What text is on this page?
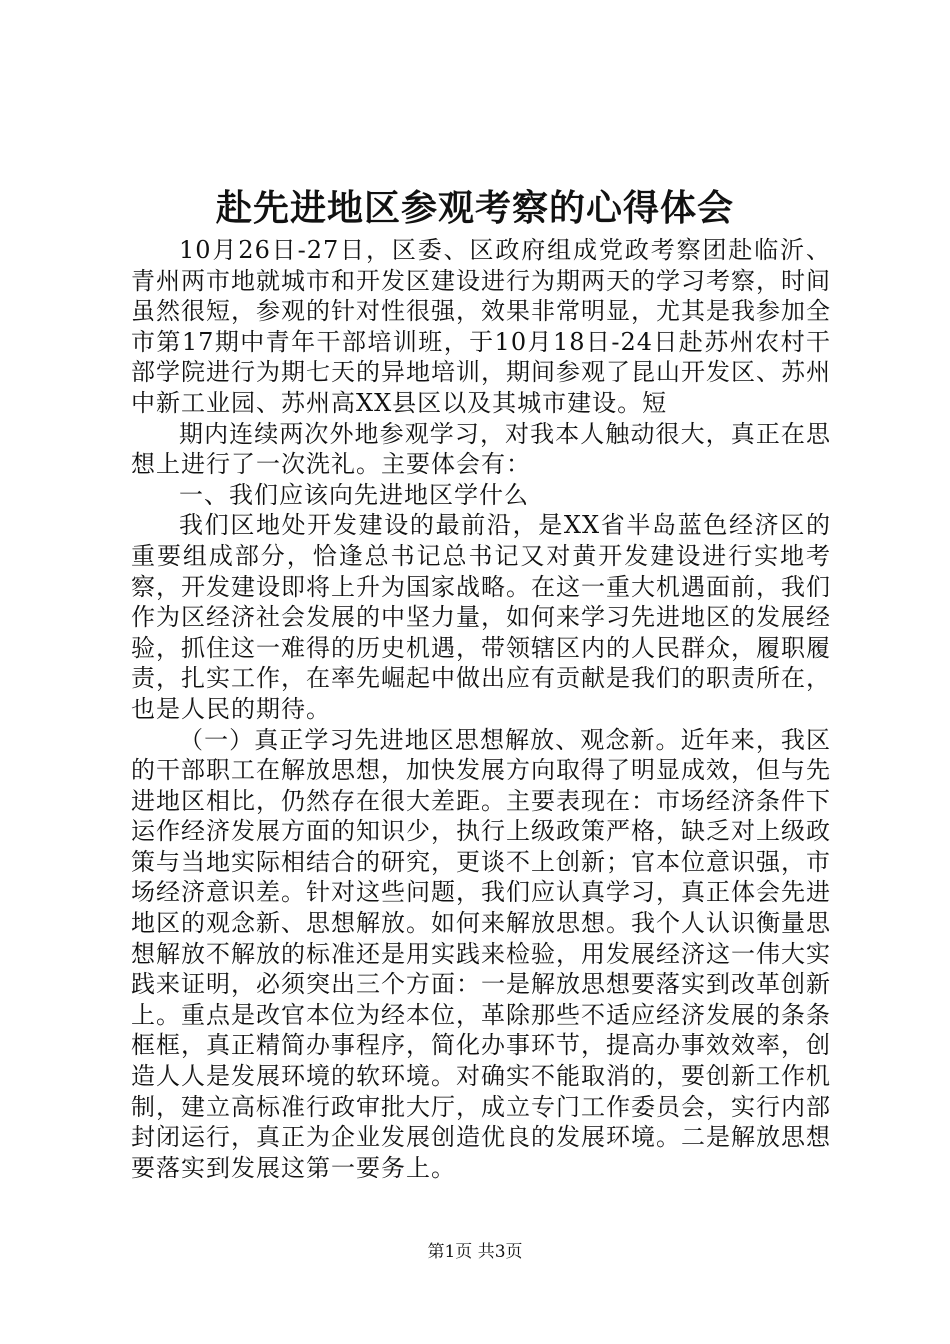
赴先进地区参观考察的心得体会

10月26日-27日，区委、区政府组成党政考察团赴临沂、青州两市地就城市和开发区建设进行为期两天的学习考察，时间虽然很短，参观的针对性很强，效果非常明显，尤其是我参加全市第17期中青年干部培训班，于10月18日-24日赴苏州农村干部学院进行为期七天的异地培训，期间参观了昆山开发区、苏州中新工业园、苏州高XX县区以及其城市建设。短

期内连续两次外地参观学习，对我本人触动很大，真正在思想上进行了一次洗礼。主要体会有：

一、我们应该向先进地区学什么

我们区地处开发建设的最前沿，是XX省半岛蓝色经济区的重要组成部分，恰逢总书记总书记又对黄开发建设进行实地考察，开发建设即将上升为国家战略。在这一重大机遇面前，我们作为区经济社会发展的中坚力量，如何来学习先进地区的发展经验，抓住这一难得的历史机遇，带领辖区内的人民群众，履职履责，扎实工作，在率先崛起中做出应有贡献是我们的职责所在，也是人民的期待。

（一）真正学习先进地区思想解放、观念新。近年来，我区的干部职工在解放思想，加快发展方向取得了明显成效，但与先进地区相比，仍然存在很大差距。主要表现在：市场经济条件下运作经济发展方面的知识少，执行上级政策严格，缺乏对上级政策与当地实际相结合的研究，更谈不上创新；官本位意识强，市场经济意识差。针对这些问题，我们应认真学习，真正体会先进地区的观念新、思想解放。如何来解放思想。我个人认识衡量思想解放不解放的标准还是用实践来检验，用发展经济这一伟大实践来证明，必须突出三个方面：一是解放思想要落实到改革创新上。重点是改官本位为经本位，革除那些不适应经济发展的条条框框，真正精简办事程序，简化办事环节，提高办事效效率，创造人人是发展环境的软环境。对确实不能取消的，要创新工作机制，建立高标准行政审批大厅，成立专门工作委员会，实行内部封闭运行，真正为企业发展创造优良的发展环境。二是解放思想要落实到发展这第一要务上。

第1页 共3页
